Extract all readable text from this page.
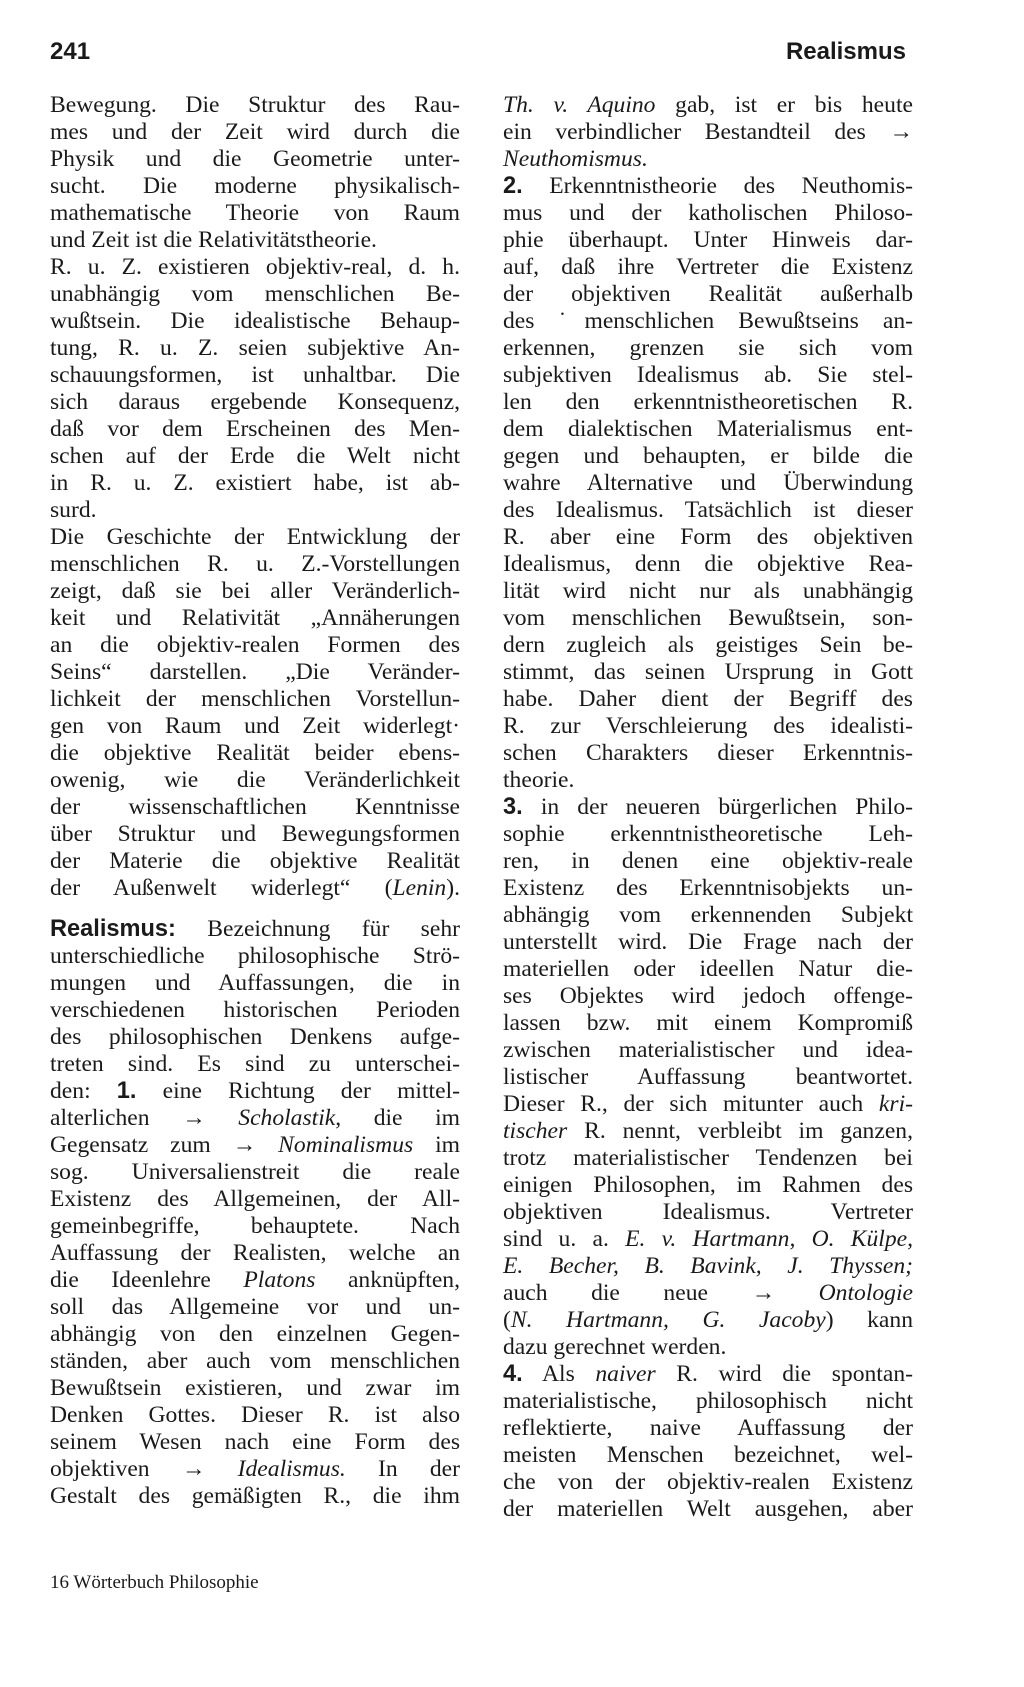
241	Realismus
Bewegung. Die Struktur des Rau-
mes und der Zeit wird durch die
Physik und die Geometrie unter-
sucht. Die moderne physikalisch-
mathematische Theorie von Raum
und Zeit ist die Relativitätstheorie.
R. u. Z. existieren objektiv-real, d. h.
unabhängig vom menschlichen Be-
wußtsein. Die idealistische Behaup-
tung, R. u. Z. seien subjektive An-
schauungsformen, ist unhaltbar. Die
sich daraus ergebende Konsequenz,
daß vor dem Erscheinen des Men-
schen auf der Erde die Welt nicht
in R. u. Z. existiert habe, ist ab-
surd.
Die Geschichte der Entwicklung der
menschlichen R. u. Z.-Vorstellungen
zeigt, daß sie bei aller Veränderlich-
keit und Relativität „Annäherungen
an die objektiv-realen Formen des
Seins“ darstellen. „Die Veränder-
lichkeit der menschlichen Vorstellun-
gen von Raum und Zeit widerlegt·
die objektive Realität beider ebens-
owenig, wie die Veränderlichkeit
der wissenschaftlichen Kenntnisse
über Struktur und Bewegungsformen
der Materie die objektive Realität
der Außenwelt widerlegt“ (Lenin).
Realismus: Bezeichnung für sehr
unterschiedliche philosophische Strö-
mungen und Auffassungen, die in
verschiedenen historischen Perioden
des philosophischen Denkens aufge-
treten sind. Es sind zu unterschei-
den: 1. eine Richtung der mittel-
alterlichen → Scholastik, die im
Gegensatz zum → Nominalismus im
sog. Universalienstreit die reale
Existenz des Allgemeinen, der All-
gemeinbegriffe, behauptete. Nach
Auffassung der Realisten, welche an
die Ideenlehre Platons anknüpften,
soll das Allgemeine vor und un-
abhängig von den einzelnen Gegen-
ständen, aber auch vom menschlichen
Bewußtsein existieren, und zwar im
Denken Gottes. Dieser R. ist also
seinem Wesen nach eine Form des
objektiven → Idealismus. In der
Gestalt des gemäßigten R., die ihm
Th. v. Aquino gab, ist er bis heute
ein verbindlicher Bestandteil des →
Neuthomismus.
2. Erkenntnistheorie des Neuthomis-
mus und der katholischen Philoso-
phie überhaupt. Unter Hinweis dar-
auf, daß ihre Vertreter die Existenz
der objektiven Realität außerhalb
des ˙menschlichen Bewußtseins an-
erkennen, grenzen sie sich vom
subjektiven Idealismus ab. Sie stel-
len den erkenntnistheoretischen R.
dem dialektischen Materialismus ent-
gegen und behaupten, er bilde die
wahre Alternative und Überwindung
des Idealismus. Tatsächlich ist dieser
R. aber eine Form des objektiven
Idealismus, denn die objektive Rea-
lität wird nicht nur als unabhängig
vom menschlichen Bewußtsein, son-
dern zugleich als geistiges Sein be-
stimmt, das seinen Ursprung in Gott
habe. Daher dient der Begriff des
R. zur Verschleierung des idealisti-
schen Charakters dieser Erkenntnis-
theorie.
3. in der neueren bürgerlichen Philo-
sophie erkenntnistheoretische Leh-
ren, in denen eine objektiv-reale
Existenz des Erkenntnisobjekts un-
abhängig vom erkennenden Subjekt
unterstellt wird. Die Frage nach der
materiellen oder ideellen Natur die-
ses Objektes wird jedoch offenge-
lassen bzw. mit einem Kompromiß
zwischen materialistischer und idea-
listischer Auffassung beantwortet.
Dieser R., der sich mitunter auch kri-
tischer R. nennt, verbleibt im ganzen,
trotz materialistischer Tendenzen bei
einigen Philosophen, im Rahmen des
objektiven Idealismus. Vertreter
sind u. a. E. v. Hartmann, O. Külpe,
E. Becher, B. Bavink, J. Thyssen;
auch die neue → Ontologie
(N. Hartmann, G. Jacoby) kann
dazu gerechnet werden.
4. Als naiver R. wird die spontan-
materialistische, philosophisch nicht
reflektierte, naive Auffassung der
meisten Menschen bezeichnet, wel-
che von der objektiv-realen Existenz
der materiellen Welt ausgehen, aber
16 Wörterbuch Philosophie
